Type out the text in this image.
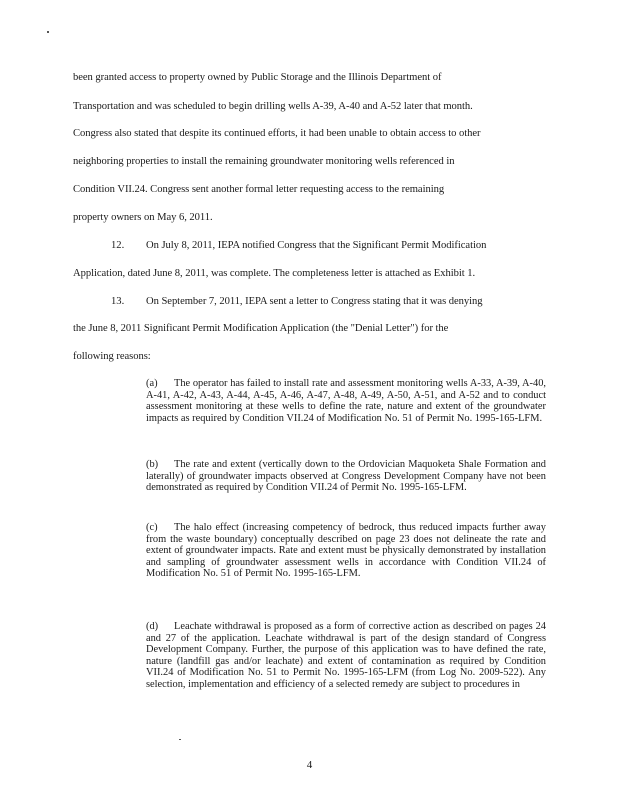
been granted access to property owned by Public Storage and the Illinois Department of
Transportation and was scheduled to begin drilling wells A-39, A-40 and A-52 later that month.
Congress also stated that despite its continued efforts, it had been unable to obtain access to other
neighboring properties to install the remaining groundwater monitoring wells referenced in
Condition VII.24. Congress sent another formal letter requesting access to the remaining
property owners on May 6, 2011.
12. On July 8, 2011, IEPA notified Congress that the Significant Permit Modification
Application, dated June 8, 2011, was complete. The completeness letter is attached as Exhibit 1.
13. On September 7, 2011, IEPA sent a letter to Congress stating that it was denying
the June 8, 2011 Significant Permit Modification Application (the "Denial Letter") for the
following reasons:
(a) The operator has failed to install rate and assessment monitoring wells A-33, A-39, A-40, A-41, A-42, A-43, A-44, A-45, A-46, A-47, A-48, A-49, A-50, A-51, and A-52 and to conduct assessment monitoring at these wells to define the rate, nature and extent of the groundwater impacts as required by Condition VII.24 of Modification No. 51 of Permit No. 1995-165-LFM.
(b) The rate and extent (vertically down to the Ordovician Maquoketa Shale Formation and laterally) of groundwater impacts observed at Congress Development Company have not been demonstrated as required by Condition VII.24 of Permit No. 1995-165-LFM.
(c) The halo effect (increasing competency of bedrock, thus reduced impacts further away from the waste boundary) conceptually described on page 23 does not delineate the rate and extent of groundwater impacts. Rate and extent must be physically demonstrated by installation and sampling of groundwater assessment wells in accordance with Condition VII.24 of Modification No. 51 of Permit No. 1995-165-LFM.
(d) Leachate withdrawal is proposed as a form of corrective action as described on pages 24 and 27 of the application. Leachate withdrawal is part of the design standard of Congress Development Company. Further, the purpose of this application was to have defined the rate, nature (landfill gas and/or leachate) and extent of contamination as required by Condition VII.24 of Modification No. 51 to Permit No. 1995-165-LFM (from Log No. 2009-522). Any selection, implementation and efficiency of a selected remedy are subject to procedures in
4
